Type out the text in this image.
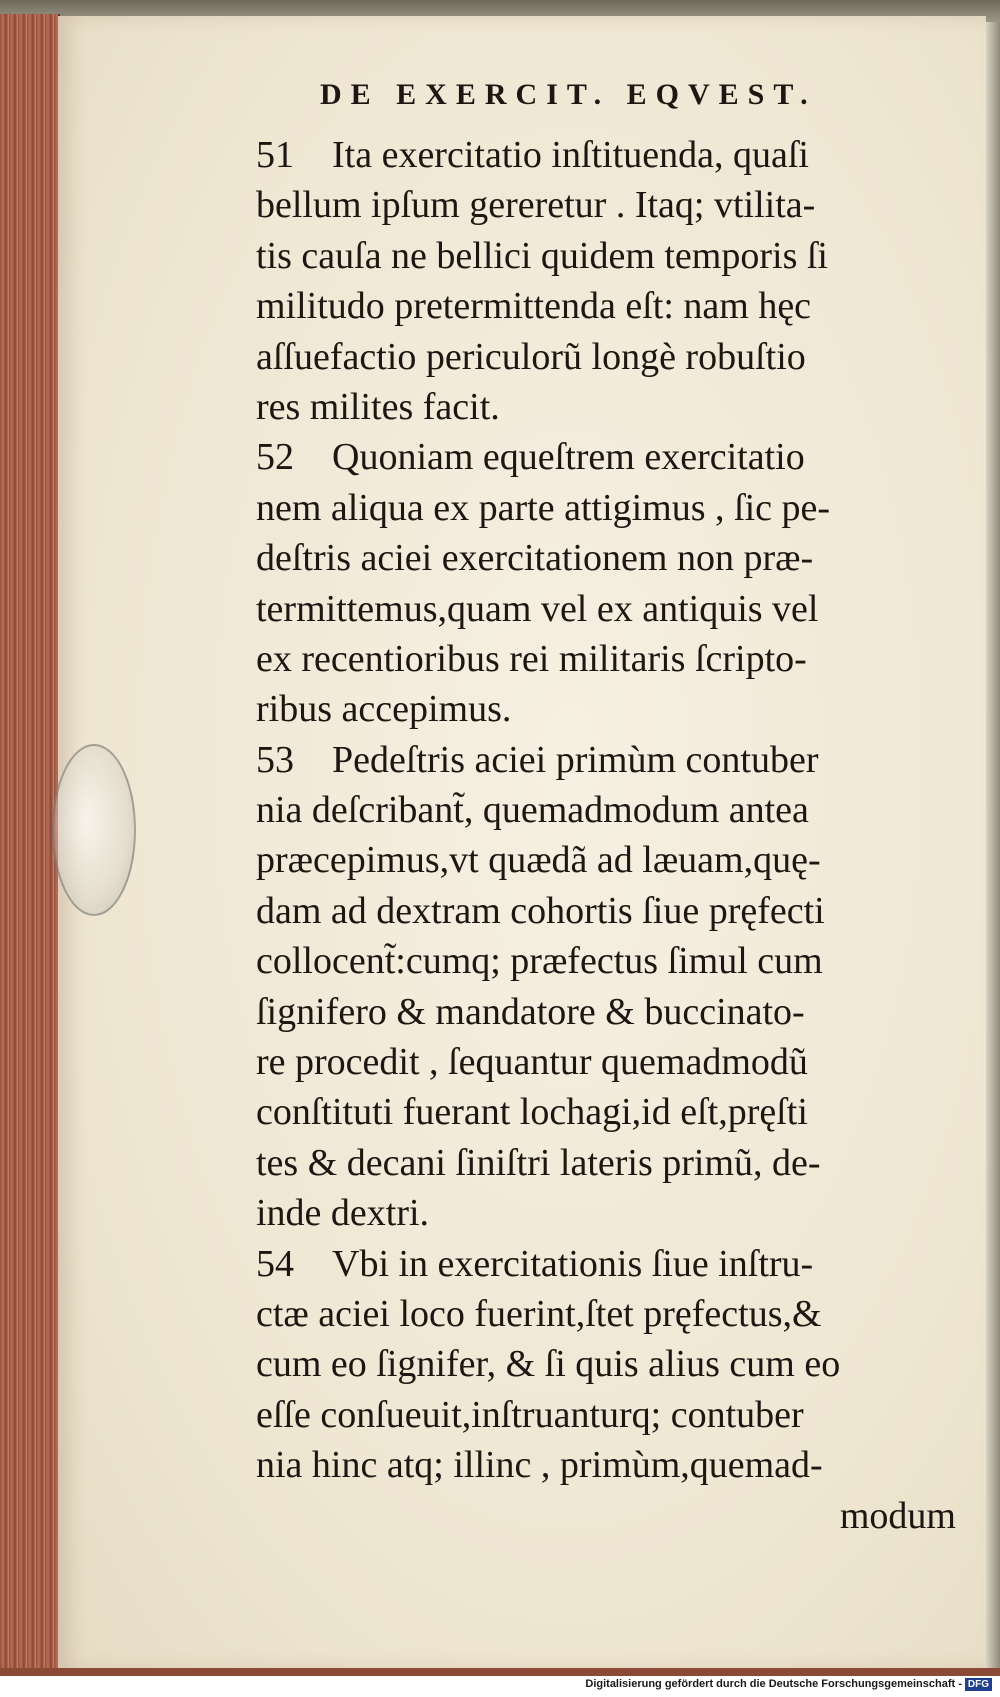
DE EXERCIT. EQVEST.
51 Ita exercitatio inſtituenda, quaſi
bellum ipſum gereretur . Itaq; vtilita-
tis cauſa ne bellici quidem temporis ſi
militudo pretermittenda eſt: nam hęc
aſſuefactio periculorũ longè robuſtio
res milites facit.
52 Quoniam equeſtrem exercitatio
nem aliqua ex parte attigimus , ſic pe-
deſtris aciei exercitationem non præ-
termittemus,quam vel ex antiquis vel
ex recentioribus rei militaris ſcripto-
ribus accepimus.
53 Pedeſtris aciei primùm contuber
nia deſcribant̃, quemadmodum antea
præcepimus,vt quædã ad læuam,quę-
dam ad dextram cohortis ſiue pręfecti
collocent̃:cumq; præfectus ſimul cum
ſignifero & mandatore & buccinato-
re procedit , ſequantur quemadmodũ
conſtituti fuerant lochagi,id eſt,pręſti
tes & decani ſiniſtri lateris primũ, de-
inde dextri.
54 Vbi in exercitationis ſiue inſtru-
ctæ aciei loco fuerint,ſtet pręfectus,&
cum eo ſignifer, & ſi quis alius cum eo
eſſe conſueuit,inſtruanturq; contuber
nia hinc atq; illinc , primùm,quemad-
modum
Digitalisierung gefördert durch die Deutsche Forschungsgemeinschaft - DFG
